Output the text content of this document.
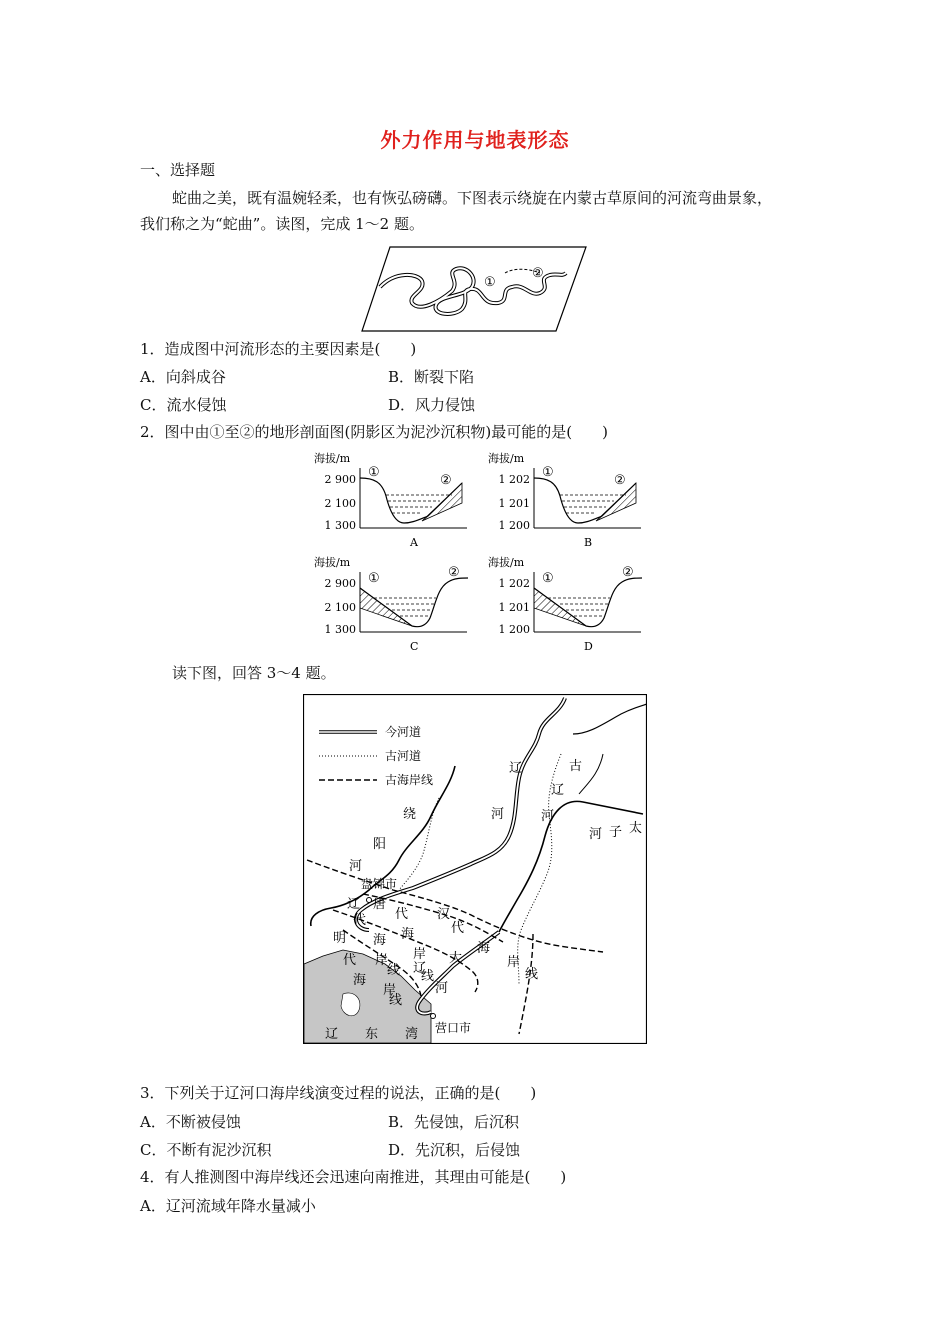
外力作用与地表形态
一、选择题
蛇曲之美，既有温婉轻柔，也有恢弘磅礴。下图表示绕旋在内蒙古草原间的河流弯曲景象，
我们称之为“蛇曲”。读图，完成 1～2 题。
①
②
1．造成图中河流形态的主要因素是(　　)
A．向斜成谷	B．断裂下陷
C．流水侵蚀	D．风力侵蚀
2．图中由①至②的地形剖面图(阴影区为泥沙沉积物)最可能的是(　　)
海拔/m
2 900
2 100
1 300
①
②
A
海拔/m
1 202
1 201
1 200
①
②
B
海拔/m
2 900
2 100
1 300
①	②
C
海拔/m
1 202
1 201
1 200
①	②
D
读下图，回答 3～4 题。
今河道
古河道
古海岸线
绕
阳
河
辽
河
古
辽
河
河 子 太
盘锦市
辽
代
海
岸
线
唐
代
海
岸
线
汉
代
海
岸
线
明
代
海
岸
线
大
辽
河
辽 东 湾 营口市
3．下列关于辽河口海岸线演变过程的说法，正确的是(　　)
A．不断被侵蚀	B．先侵蚀，后沉积
C．不断有泥沙沉积	D．先沉积，后侵蚀
4．有人推测图中海岸线还会迅速向南推进，其理由可能是(　　)
A．辽河流域年降水量减小
